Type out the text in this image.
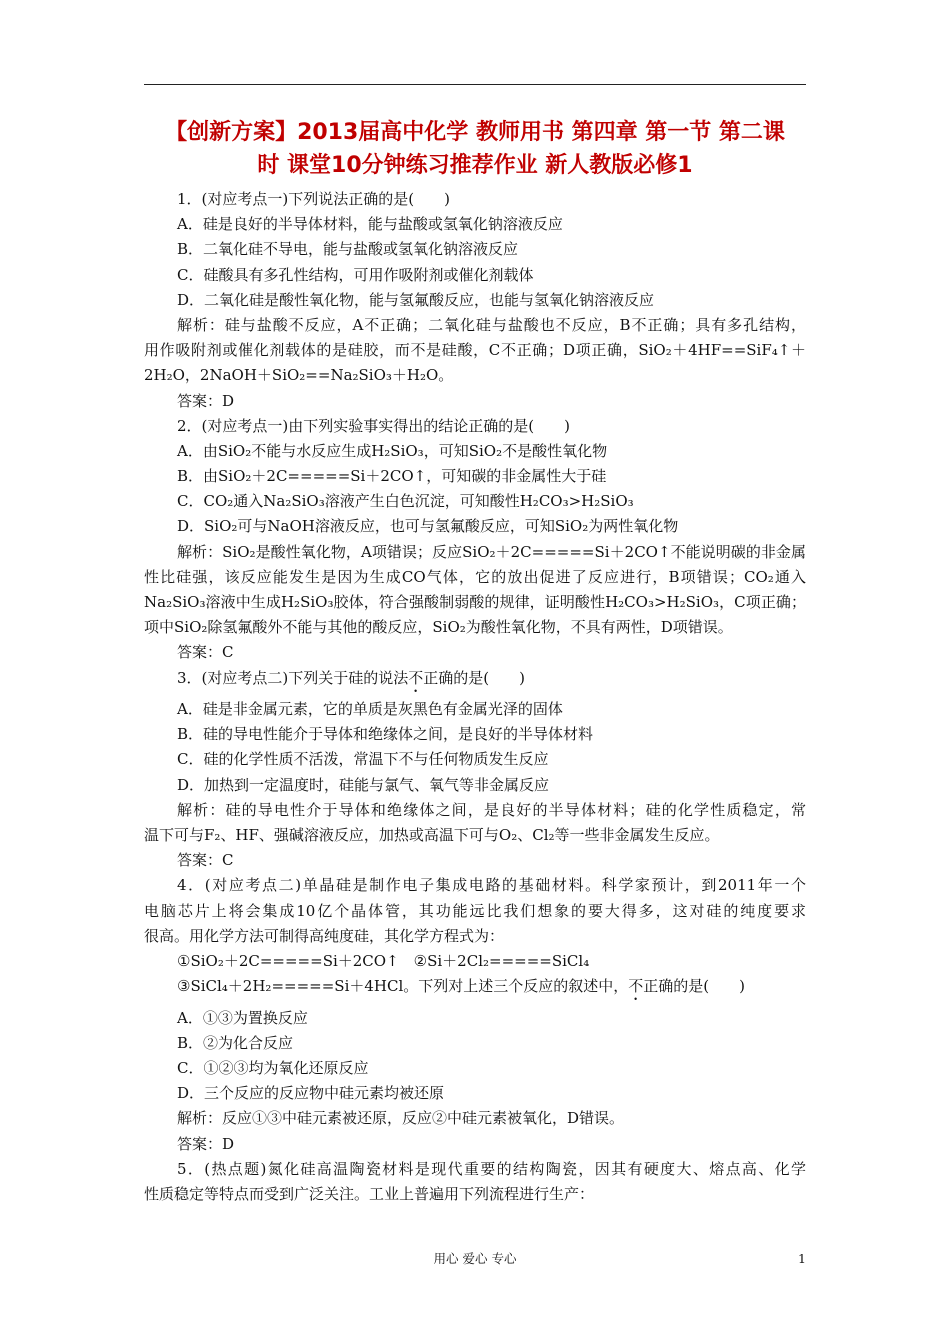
【创新方案】2013届高中化学 教师用书 第四章 第一节 第二课
时 课堂10分钟练习推荐作业 新人教版必修1
1．(对应考点一)下列说法正确的是(　　)
A．硅是良好的半导体材料，能与盐酸或氢氧化钠溶液反应
B．二氧化硅不导电，能与盐酸或氢氧化钠溶液反应
C．硅酸具有多孔性结构，可用作吸附剂或催化剂载体
D．二氧化硅是酸性氧化物，能与氢氟酸反应，也能与氢氧化钠溶液反应
解析：硅与盐酸不反应，A不正确；二氧化硅与盐酸也不反应，B不正确；具有多孔结构，
用作吸附剂或催化剂载体的是硅胶，而不是硅酸，C不正确；D项正确，SiO₂＋4HF==SiF₄↑＋
2H₂O，2NaOH＋SiO₂==Na₂SiO₃＋H₂O。
答案：D
2．(对应考点一)由下列实验事实得出的结论正确的是(　　)
A．由SiO₂不能与水反应生成H₂SiO₃，可知SiO₂不是酸性氧化物
B．由SiO₂＋2C=====Si＋2CO↑，可知碳的非金属性大于硅
C．CO₂通入Na₂SiO₃溶液产生白色沉淀，可知酸性H₂CO₃>H₂SiO₃
D．SiO₂可与NaOH溶液反应，也可与氢氟酸反应，可知SiO₂为两性氧化物
解析：SiO₂是酸性氧化物，A项错误；反应SiO₂＋2C=====Si＋2CO↑不能说明碳的非金属
性比硅强，该反应能发生是因为生成CO气体，它的放出促进了反应进行，B项错误；CO₂通入
Na₂SiO₃溶液中生成H₂SiO₃胶体，符合强酸制弱酸的规律，证明酸性H₂CO₃>H₂SiO₃，C项正确；
项中SiO₂除氢氟酸外不能与其他的酸反应，SiO₂为酸性氧化物，不具有两性，D项错误。
答案：C
3．(对应考点二)下列关于硅的说法不正确的是(　　)
A．硅是非金属元素，它的单质是灰黑色有金属光泽的固体
B．硅的导电性能介于导体和绝缘体之间，是良好的半导体材料
C．硅的化学性质不活泼，常温下不与任何物质发生反应
D．加热到一定温度时，硅能与氯气、氧气等非金属反应
解析：硅的导电性介于导体和绝缘体之间，是良好的半导体材料；硅的化学性质稳定，常
温下可与F₂、HF、强碱溶液反应，加热或高温下可与O₂、Cl₂等一些非金属发生反应。
答案：C
4．(对应考点二)单晶硅是制作电子集成电路的基础材料。科学家预计，到2011年一个
电脑芯片上将会集成10亿个晶体管，其功能远比我们想象的要大得多，这对硅的纯度要求
很高。用化学方法可制得高纯度硅，其化学方程式为：
①SiO₂＋2C=====Si＋2CO↑　②Si＋2Cl₂=====SiCl₄
③SiCl₄＋2H₂=====Si＋4HCl。下列对上述三个反应的叙述中，不正确的是(　　)
A．①③为置换反应
B．②为化合反应
C．①②③均为氧化还原反应
D．三个反应的反应物中硅元素均被还原
解析：反应①③中硅元素被还原，反应②中硅元素被氧化，D错误。
答案：D
5．(热点题)氮化硅高温陶瓷材料是现代重要的结构陶瓷，因其有硬度大、熔点高、化学
性质稳定等特点而受到广泛关注。工业上普遍用下列流程进行生产：
用心 爱心 专心	1
